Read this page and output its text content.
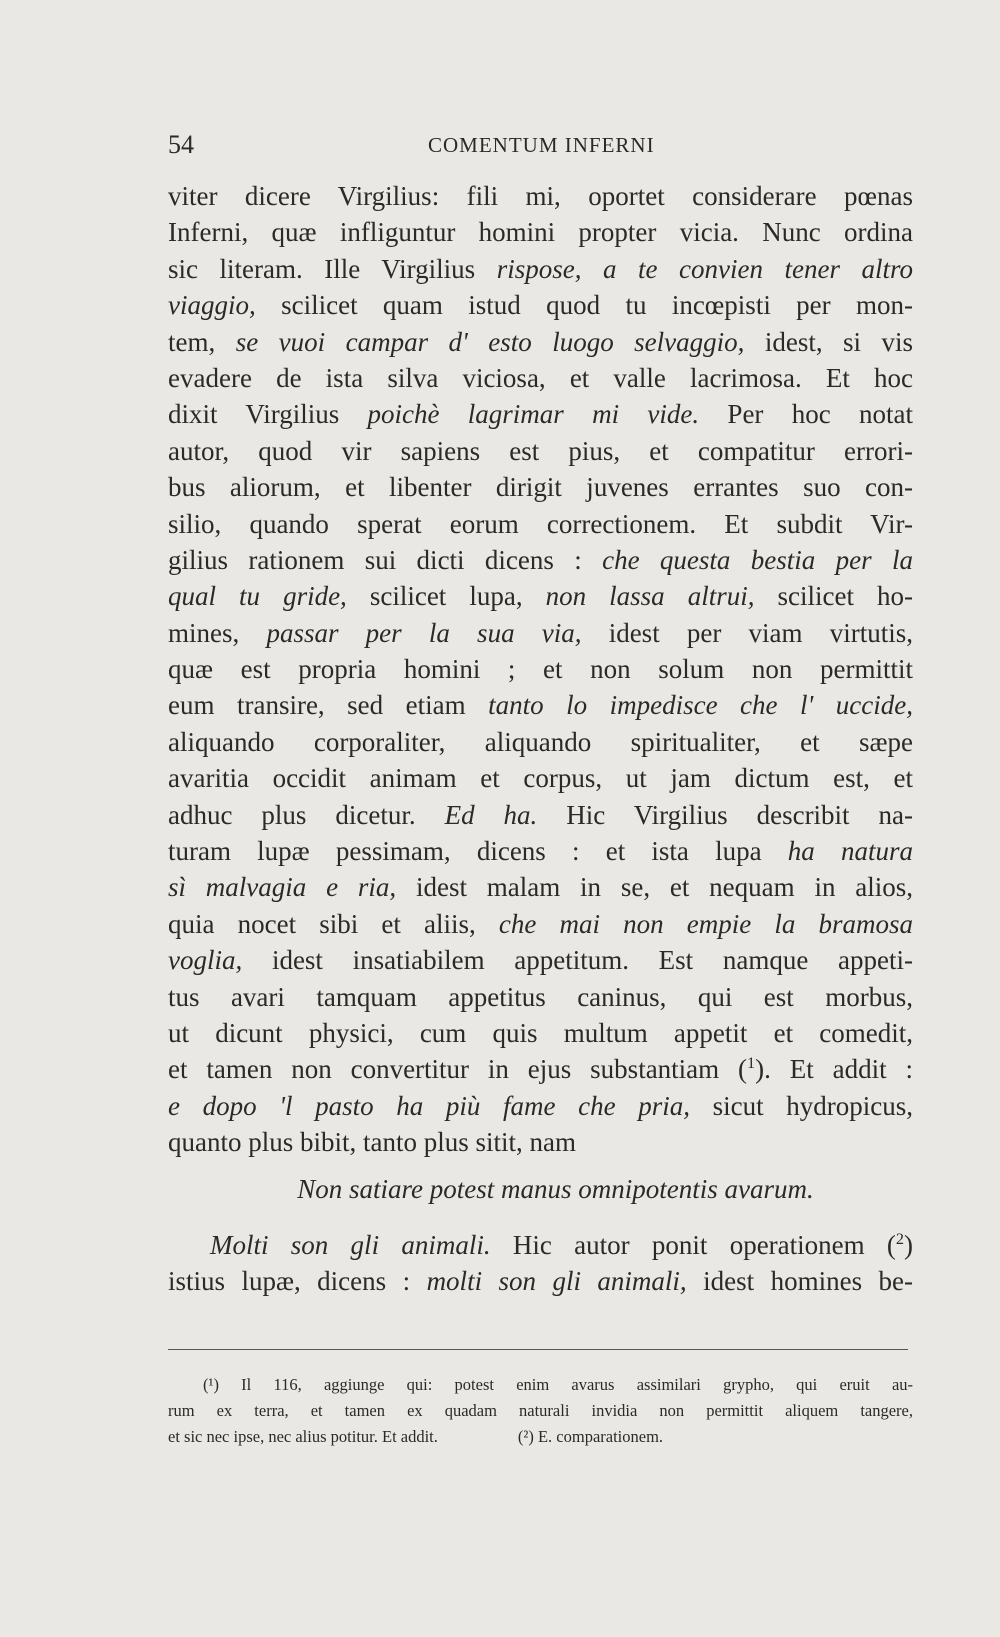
54	COMENTUM INFERNI
viter dicere Virgilius: fili mi, oportet considerare pœnas
Inferni, quæ infliguntur homini propter vicia. Nunc ordina
sic literam. Ille Virgilius rispose, a te convien tener altro
viaggio, scilicet quam istud quod tu incœpisti per mon-
tem, se vuoi campar d' esto luogo selvaggio, idest, si vis
evadere de ista silva viciosa, et valle lacrimosa. Et hoc
dixit Virgilius poichè lagrimar mi vide. Per hoc notat
autor, quod vir sapiens est pius, et compatitur errori-
bus aliorum, et libenter dirigit juvenes errantes suo con-
silio, quando sperat eorum correctionem. Et subdit Vir-
gilius rationem sui dicti dicens : che questa bestia per la
qual tu gride, scilicet lupa, non lassa altrui, scilicet ho-
mines, passar per la sua via, idest per viam virtutis,
quæ est propria homini ; et non solum non permittit
eum transire, sed etiam tanto lo impedisce che l' uccide,
aliquando corporaliter, aliquando spiritualiter, et sæpe
avaritia occidit animam et corpus, ut jam dictum est, et
adhuc plus dicetur. Ed ha. Hic Virgilius describit na-
turam lupæ pessimam, dicens : et ista lupa ha natura
sì malvagia e ria, idest malam in se, et nequam in alios,
quia nocet sibi et aliis, che mai non empie la bramosa
voglia, idest insatiabilem appetitum. Est namque appeti-
tus avari tamquam appetitus caninus, qui est morbus,
ut dicunt physici, cum quis multum appetit et comedit,
et tamen non convertitur in ejus substantiam ($^1$). Et addit :
e dopo 'l pasto ha più fame che pria, sicut hydropicus,
quanto plus bibit, tanto plus sitit, nam
Non satiare potest manus omnipotentis avarum.
Molti son gli animali. Hic autor ponit operationem ($^2$)
istius lupæ, dicens : molti son gli animali, idest homines be-
(¹) Il 116, aggiunge qui: potest enim avarus assimilari grypho, qui eruit au-
rum ex terra, et tamen ex quadam naturali invidia non permittit aliquem tangere,
et sic nec ipse, nec alius potitur. Et addit.	(²) E. comparationem.
